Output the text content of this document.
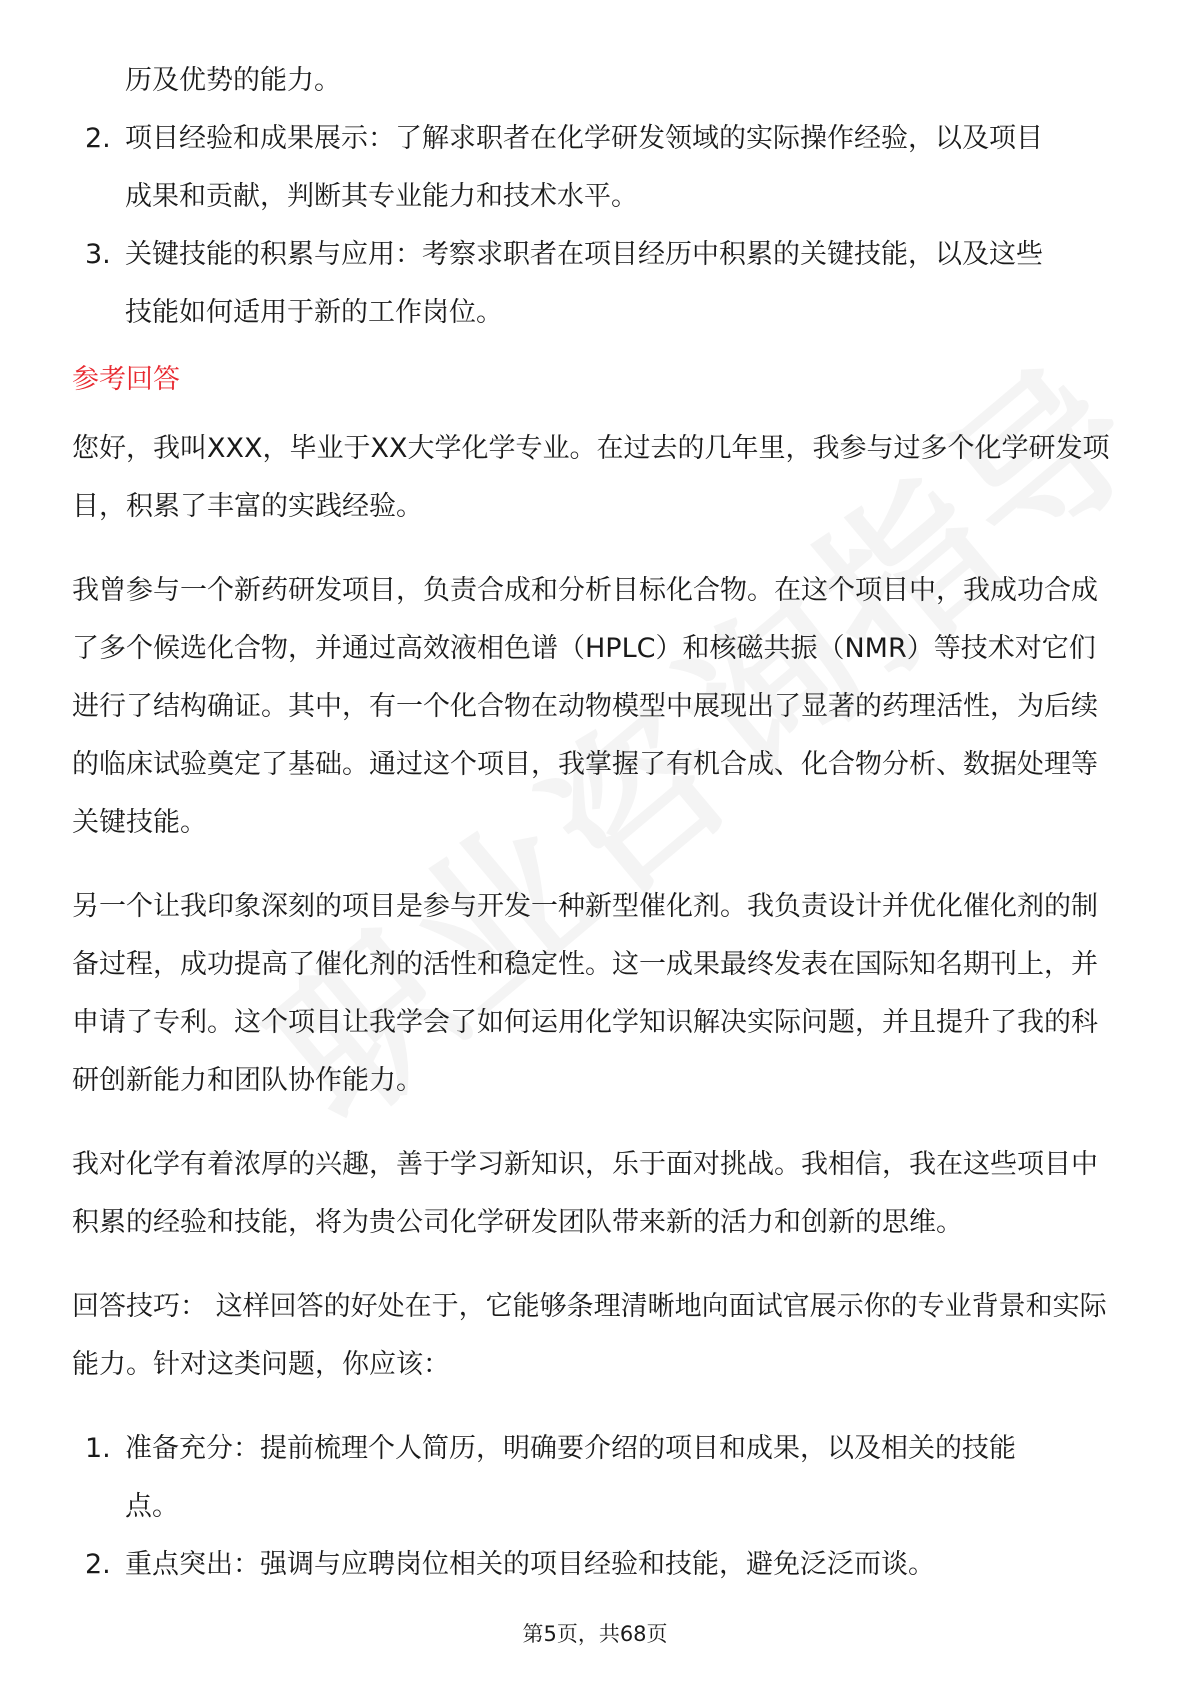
历及优势的能力。
2. 项目经验和成果展示：了解求职者在化学研发领域的实际操作经验，以及项目
成果和贡献，判断其专业能力和技术水平。
3. 关键技能的积累与应用：考察求职者在项目经历中积累的关键技能，以及这些
技能如何适用于新的工作岗位。
参考回答

您好，我叫XXX，毕业于XX大学化学专业。在过去的几年里，我参与过多个化学研发项目，积累了丰富的实践经验。

我曾参与一个新药研发项目，负责合成和分析目标化合物。在这个项目中，我成功合成了多个候选化合物，并通过高效液相色谱（HPLC）和核磁共振（NMR）等技术对它们进行了结构确证。其中，有一个化合物在动物模型中展现出了显著的药理活性，为后续的临床试验奠定了基础。通过这个项目，我掌握了有机合成、化合物分析、数据处理等关键技能。

另一个让我印象深刻的项目是参与开发一种新型催化剂。我负责设计并优化催化剂的制备过程，成功提高了催化剂的活性和稳定性。这一成果最终发表在国际知名期刊上，并申请了专利。这个项目让我学会了如何运用化学知识解决实际问题，并且提升了我的科研创新能力和团队协作能力。

我对化学有着浓厚的兴趣，善于学习新知识，乐于面对挑战。我相信，我在这些项目中积累的经验和技能，将为贵公司化学研发团队带来新的活力和创新的思维。

回答技巧： 这样回答的好处在于，它能够条理清晰地向面试官展示你的专业背景和实际能力。针对这类问题，你应该：

1. 准备充分：提前梳理个人简历，明确要介绍的项目和成果，以及相关的技能
点。
2. 重点突出：强调与应聘岗位相关的项目经验和技能，避免泛泛而谈。
第5页，共68页
